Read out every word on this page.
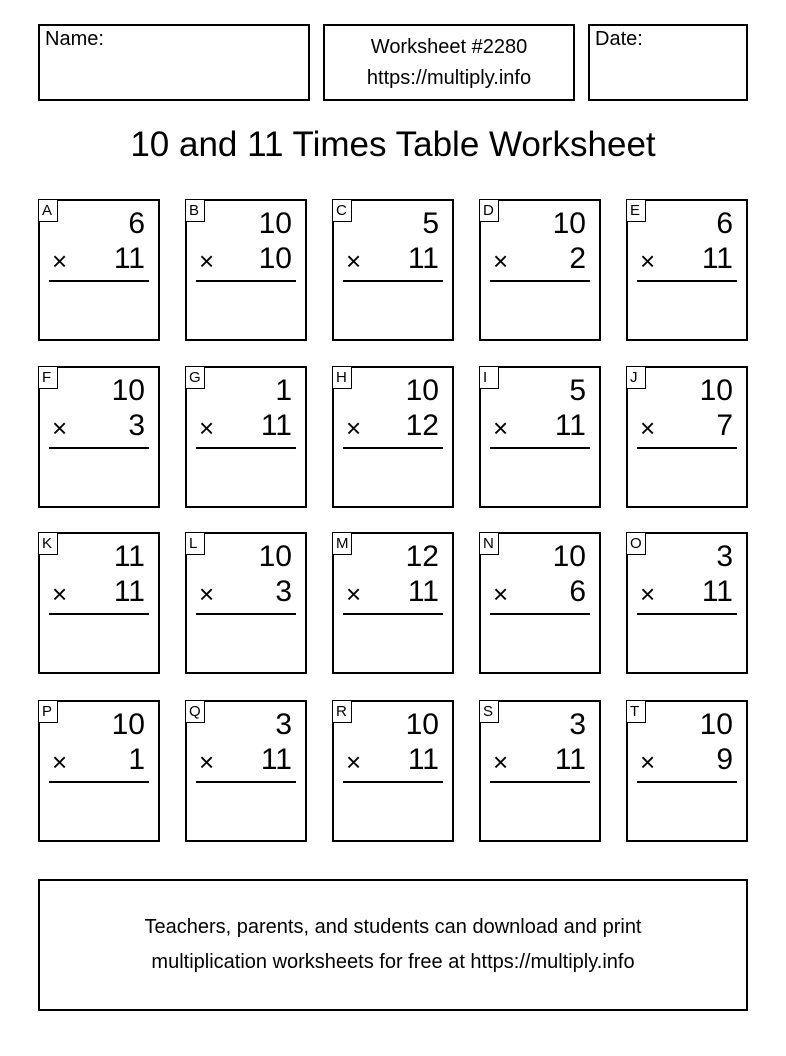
Name:	Worksheet #2280
https://multiply.info
Date:
10 and 11 Times Table Worksheet
A	6
× 11
B 10
× 10
C	5
× 11
D 10
× 2
E	6
× 11
F 10
× 3
G 1
× 11
H 10
× 12
I	5
× 11
J 10
× 7
K 11
× 11
L 10
× 3
M 12
× 11
N 10
× 6
O 3
× 11
P 10
× 1
Q 3
× 11
R 10
× 11
S	3
× 11
T 10
× 9
Teachers, parents, and students can download and print
multiplication worksheets for free at https://multiply.info
